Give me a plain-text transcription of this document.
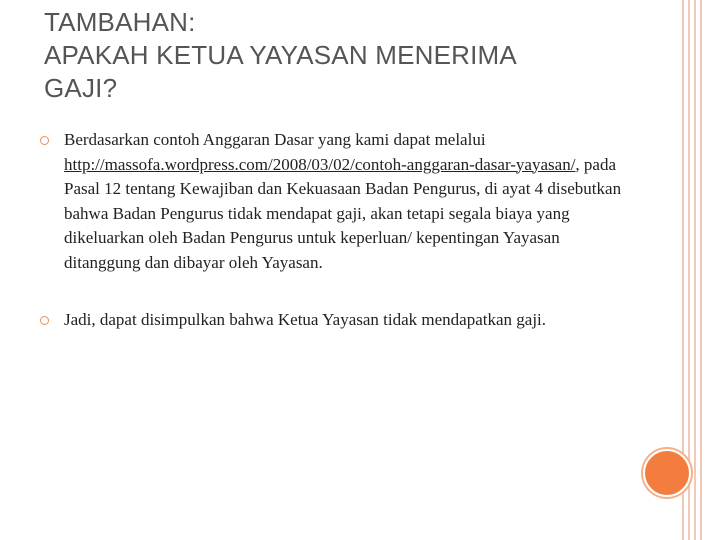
TAMBAHAN:
APAKAH KETUA YAYASAN MENERIMA
GAJI?
Berdasarkan contoh Anggaran Dasar yang kami dapat melalui http://massofa.wordpress.com/2008/03/02/contoh-anggaran-dasar-yayasan/, pada Pasal 12 tentang Kewajiban dan Kekuasaan Badan Pengurus, di ayat 4 disebutkan bahwa Badan Pengurus tidak mendapat gaji, akan tetapi segala biaya yang dikeluarkan oleh Badan Pengurus untuk keperluan/ kepentingan Yayasan ditanggung dan dibayar oleh Yayasan.
Jadi, dapat disimpulkan bahwa Ketua Yayasan tidak mendapatkan gaji.
